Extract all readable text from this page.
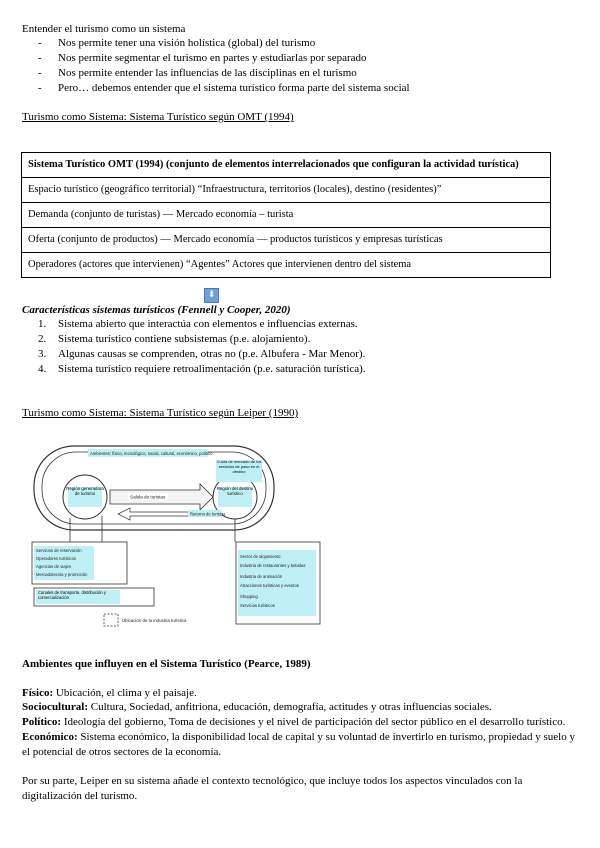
Entender el turismo como un sistema
- Nos permite tener una visión holística (global) del turismo
- Nos permite segmentar el turismo en partes y estudiarlas por separado
- Nos permite entender las influencias de las disciplinas en el turismo
- Pero… debemos entender que el sistema turístico forma parte del sistema social
Turismo como Sistema: Sistema Turístico según OMT (1994)
Sistema Turístico OMT (1994) (conjunto de elementos interrelacionados que configuran la actividad turística)
Espacio turístico (geográfico territorial) “Infraestructura, territorios (locales), destino (residentes)”
Demanda (conjunto de turistas) — Mercado economía – turista
Oferta (conjunto de productos) — Mercado economía — productos turísticos y empresas turísticas
Operadores (actores que intervienen) “Agentes” Actores que intervienen dentro del sistema
⬇
Características sistemas turísticos (Fennell y Cooper, 2020)
1. Sistema abierto que interactúa con elementos e influencias externas.
2. Sistema turístico contiene subsistemas (p.e. alojamiento).
3. Algunas causas se comprenden, otras no (p.e. Albufera - Mar Menor).
4. Sistema turístico requiere retroalimentación (p.e. saturación turística).
Turismo como Sistema: Sistema Turístico según Leiper (1990)
Ambientes: físico, tecnológico, social, cultural, económico, político
Región generadora de turismo
Región del destino turístico
Salida de turistas
Retorno de turistas
Cuota de mercado de los servicios de paso en el destino
Servicios de reservación
Operadores turísticos
Agencias de viajes
Mercadotecnia y promoción
Canales de transporte, distribución y comercialización
Sector de alojamiento
Industria de restaurantes y bebidas
Industria de animación
Atracciones turísticas y eventos
Shopping
Servicios turísticos
Ubicación de la industria turística
Ambientes que influyen en el Sistema Turístico (Pearce, 1989)
Físico: Ubicación, el clima y el paisaje.
Sociocultural: Cultura, Sociedad, anfitriona, educación, demografía, actitudes y otras influencias sociales.
Político: Ideología del gobierno, Toma de decisiones y el nivel de participación del sector público en el desarrollo turístico.
Económico: Sistema económico, la disponibilidad local de capital y su voluntad de invertirlo en turismo, propiedad y suelo y el potencial de otros sectores de la economía.
Por su parte, Leiper en su sistema añade el contexto tecnológico, que incluye todos los aspectos vinculados con la digitalización del turismo.
